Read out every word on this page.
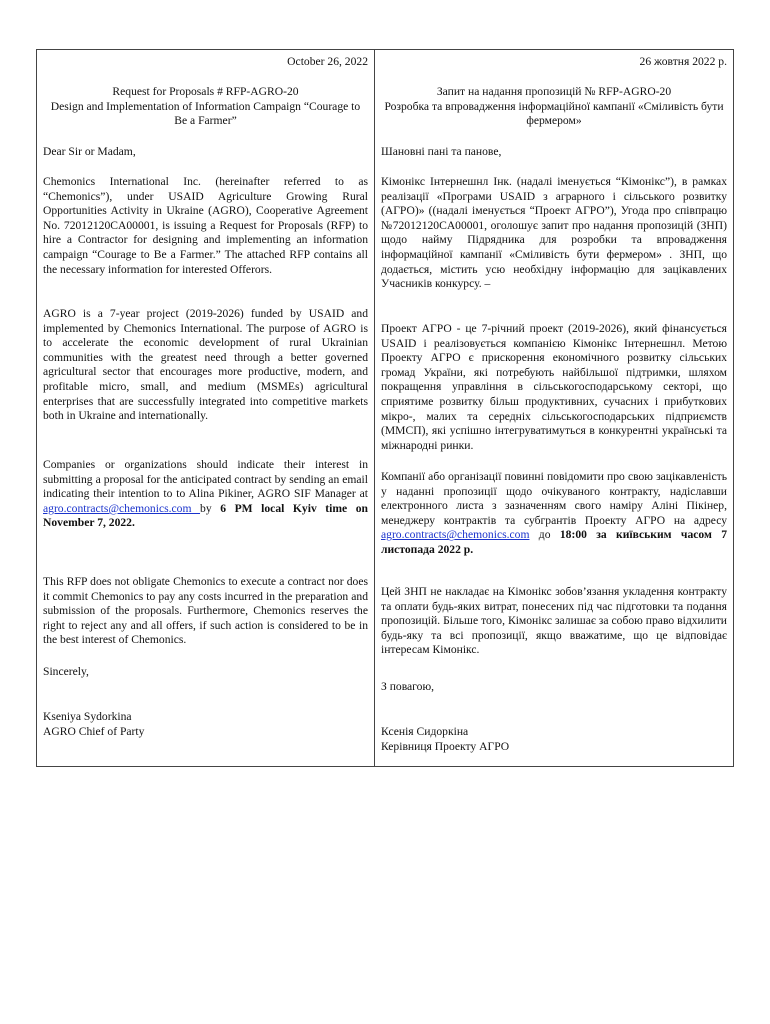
October 26, 2022
Request for Proposals # RFP-AGRO-20
Design and Implementation of Information Campaign “Courage to Be a Farmer”
Dear Sir or Madam,
Chemonics International Inc. (hereinafter referred to as “Chemonics”), under USAID Agriculture Growing Rural Opportunities Activity in Ukraine (AGRO), Cooperative Agreement No. 72012120CA00001, is issuing a Request for Proposals (RFP) to hire a Contractor for designing and implementing an information campaign “Courage to Be a Farmer.” The attached RFP contains all the necessary information for interested Offerors.
AGRO is a 7-year project (2019-2026) funded by USAID and implemented by Chemonics International. The purpose of AGRO is to accelerate the economic development of rural Ukrainian communities with the greatest need through a better governed agricultural sector that encourages more productive, modern, and profitable micro, small, and medium (MSMEs) agricultural enterprises that are successfully integrated into competitive markets both in Ukraine and internationally.
Companies or organizations should indicate their interest in submitting a proposal for the anticipated contract by sending an email indicating their intention to to Alina Pikiner, AGRO SIF Manager at agro.contracts@chemonics.com by 6 PM local Kyiv time on November 7, 2022.
This RFP does not obligate Chemonics to execute a contract nor does it commit Chemonics to pay any costs incurred in the preparation and submission of the proposals. Furthermore, Chemonics reserves the right to reject any and all offers, if such action is considered to be in the best interest of Chemonics.
Sincerely,
Kseniya Sydorkina
AGRO Chief of Party
26 жовтня 2022 р.
Запит на надання пропозицій № RFP-AGRO-20
Розробка та впровадження інформаційної кампанії «Сміливість бути фермером»
Шановні пані та панове,
Кімонікс Інтернешнл Інк. (надалі іменується “Кімонікс”), в рамках реалізації «Програми USAID з аграрного і сільського розвитку (АГРО)» ((надалі іменується “Проект АГРО”), Угода про співпрацю №72012120CA00001, оголошує запит про надання пропозицій (ЗНП) щодо найму Підрядника для розробки та впровадження інформаційної кампанії «Сміливість бути фермером» . ЗНП, що додається, містить усю необхідну інформацію для зацікавлених Учасників конкурсу. –
Проект АГРО - це 7-річний проект (2019-2026), який фінансується USAID і реалізовується компанією Кімонікс Інтернешнл. Метою Проекту АГРО є прискорення економічного розвитку сільських громад України, які потребують найбільшої підтримки, шляхом покращення управління в сільськогосподарському секторі, що сприятиме розвитку більш продуктивних, сучасних і прибуткових мікро-, малих та середніх сільськогосподарських підприємств (ММСП), які успішно інтегруватимуться в конкурентні українські та міжнародні ринки.
Компанії або організації повинні повідомити про свою зацікавленість у наданні пропозиції щодо очікуваного контракту, надіславши електронного листа з зазначенням свого наміру Аліні Пікінер, менеджеру контрактів та субгрантів Проекту АГРО на адресу agro.contracts@chemonics.com до 18:00 за київським часом 7 листопада 2022 р.
Цей ЗНП не накладає на Кімонікс зобов’язання укладення контракту та оплати будь-яких витрат, понесених під час підготовки та подання пропозицій. Більше того, Кімонікс залишає за собою право відхилити будь-яку та всі пропозиції, якщо вважатиме, що це відповідає інтересам Кімонікс.
З повагою,
Ксенія Сидоркіна
Керівниця Проекту АГРО
